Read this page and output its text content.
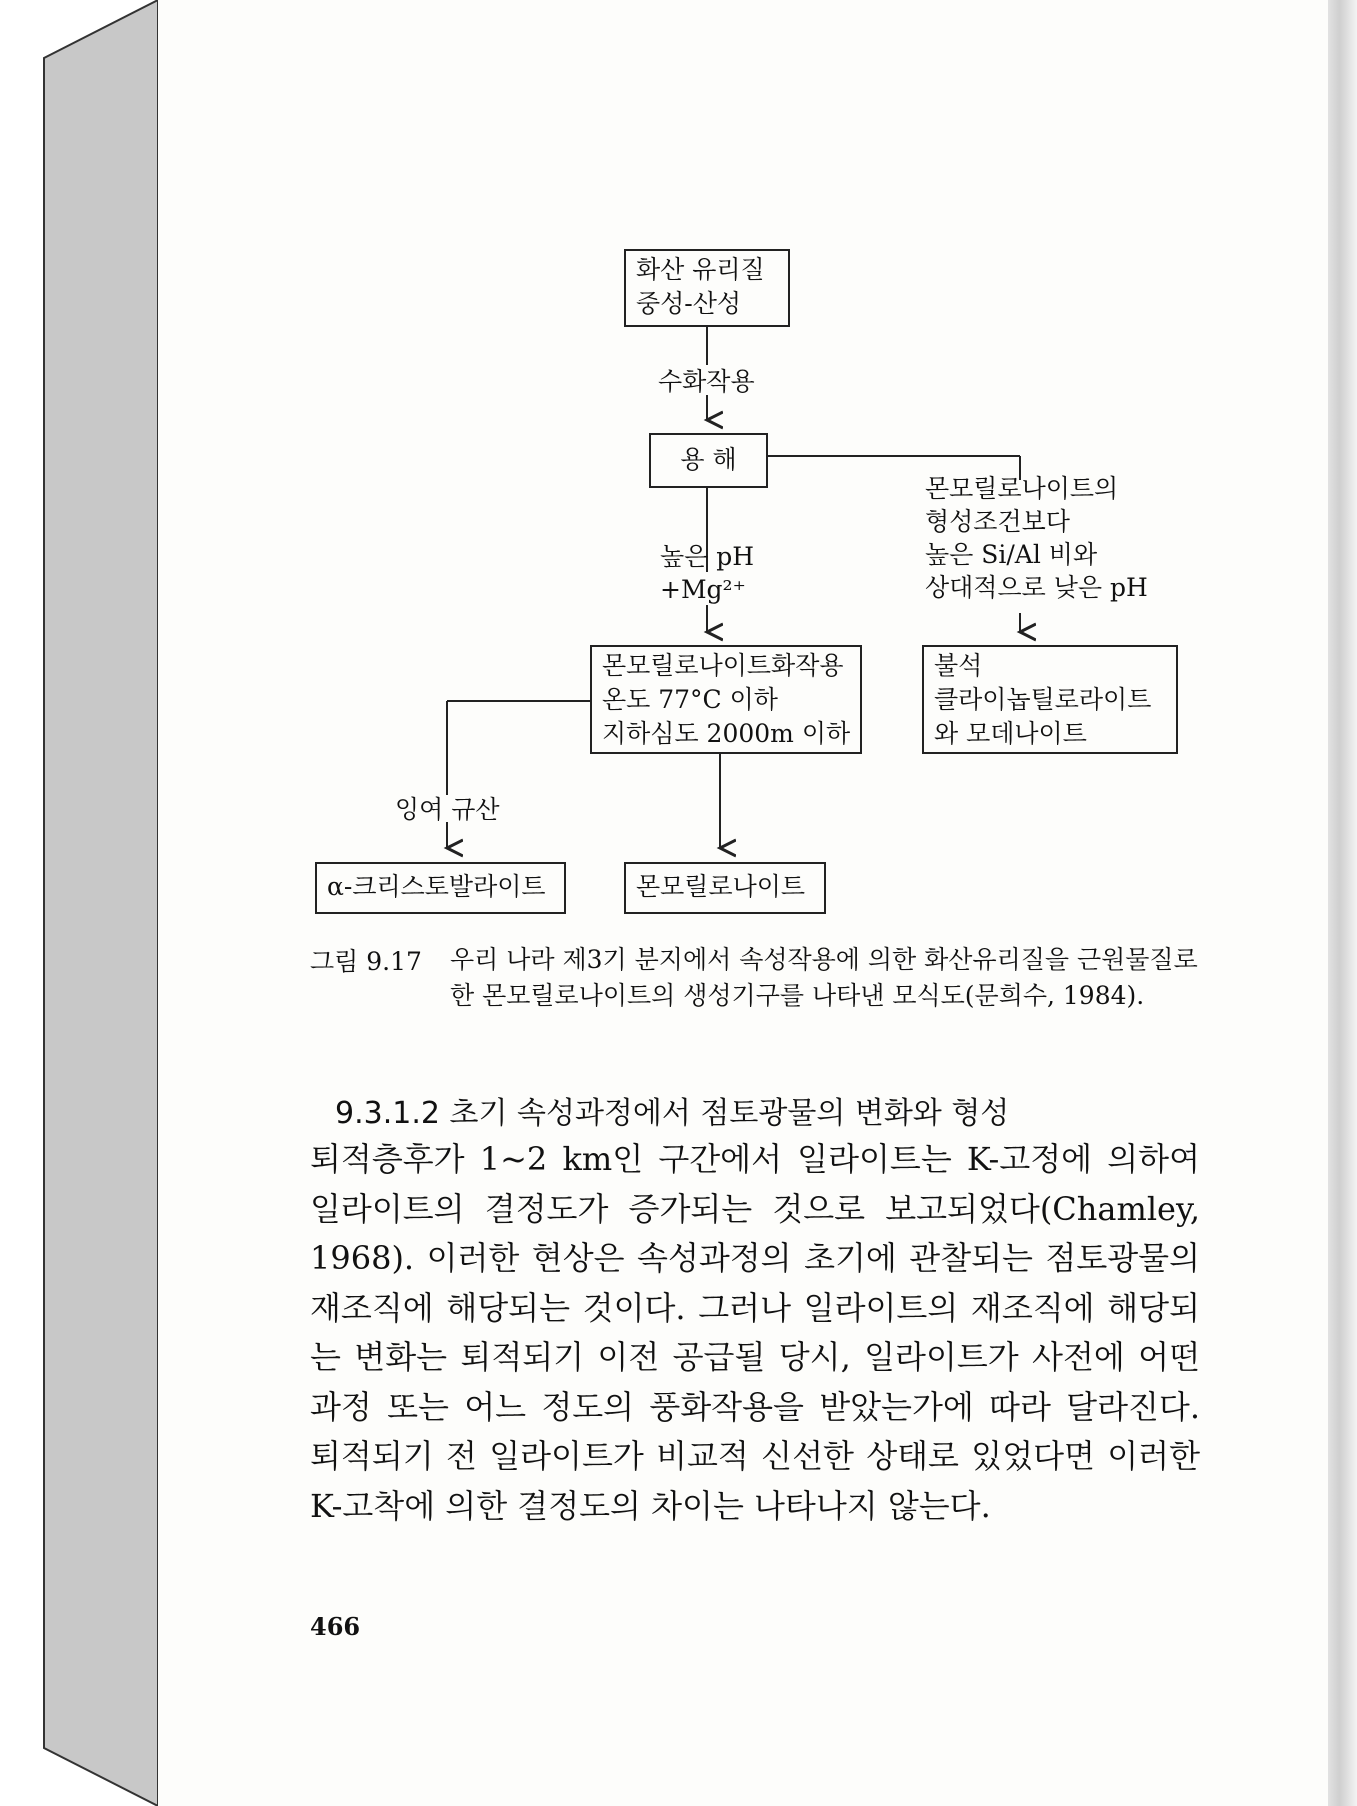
화산 유리질
중성-산성
수화작용
용 해
높은 pH
+Mg²⁺
몬모릴로나이트의
형성조건보다
높은 Si/Al 비와
상대적으로 낮은 pH
몬모릴로나이트화작용
온도 77°C 이하
지하심도 2000m 이하
불석
클라이놉틸로라이트
와 모데나이트
잉여 규산
α-크리스토발라이트	몬모릴로나이트
그림 9.17 우리 나라 제3기 분지에서 속성작용에 의한 화산유리질을 근원물질로 한 몬모릴로나이트의 생성기구를 나타낸 모식도(문희수, 1984).
9.3.1.2 초기 속성과정에서 점토광물의 변화와 형성
퇴적층후가 1~2 km인 구간에서 일라이트는 K-고정에 의하여 일라이트의 결정도가 증가되는 것으로 보고되었다(Chamley, 1968). 이러한 현상은 속성과정의 초기에 관찰되는 점토광물의 재조직에 해당되는 것이다. 그러나 일라이트의 재조직에 해당되는 변화는 퇴적되기 이전 공급될 당시, 일라이트가 사전에 어떤 과정 또는 어느 정도의 풍화작용을 받았는가에 따라 달라진다. 퇴적되기 전 일라이트가 비교적 신선한 상태로 있었다면 이러한 K-고착에 의한 결정도의 차이는 나타나지 않는다.
466
